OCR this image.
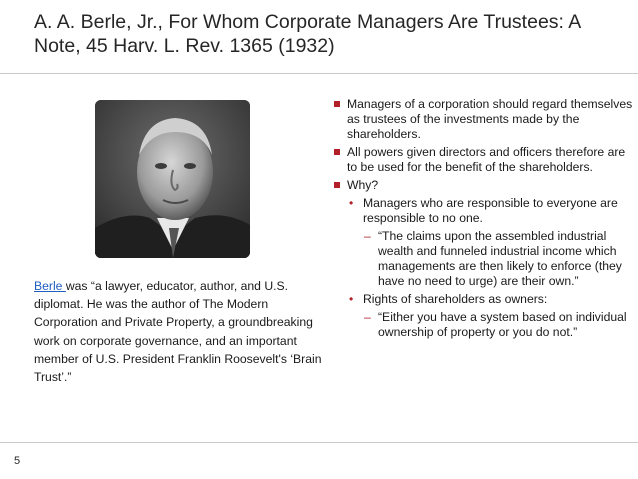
A. A. Berle, Jr., For Whom Corporate Managers Are Trustees: A Note, 45 Harv. L. Rev. 1365 (1932)
Berle was “a lawyer, educator, author, and U.S. diplomat. He was the author of The Modern Corporation and Private Property, a groundbreaking work on corporate governance, and an important member of U.S. President Franklin Roosevelt's ‘Brain Trust’.”
Managers of a corporation should regard themselves as trustees of the investments made by the shareholders.
All powers given directors and officers therefore are to be used for the benefit of the shareholders.
Why?
• Managers who are responsible to everyone are responsible to no one.
– “The claims upon the assembled industrial wealth and funneled industrial income which managements are then likely to enforce (they have no need to urge) are their own.”
• Rights of shareholders as owners:
– “Either you have a system based on individual ownership of property or you do not.”
5
